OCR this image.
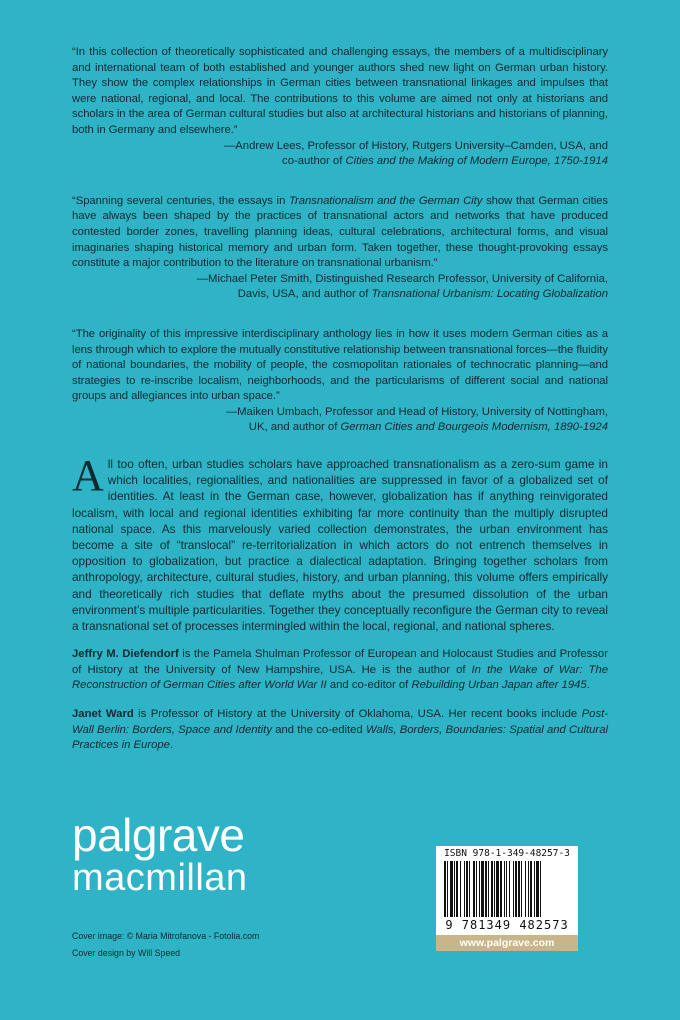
“In this collection of theoretically sophisticated and challenging essays, the members of a multidisciplinary and international team of both established and younger authors shed new light on German urban history. They show the complex relationships in German cities between transnational linkages and impulses that were national, regional, and local. The contributions to this volume are aimed not only at historians and scholars in the area of German cultural studies but also at architectural historians and historians of planning, both in Germany and elsewhere.”

—Andrew Lees, Professor of History, Rutgers University–Camden, USA, and
co-author of Cities and the Making of Modern Europe, 1750-1914

“Spanning several centuries, the essays in Transnationalism and the German City show that German cities have always been shaped by the practices of transnational actors and networks that have produced contested border zones, travelling planning ideas, cultural celebrations, architectural forms, and visual imaginaries shaping historical memory and urban form. Taken together, these thought-provoking essays constitute a major contribution to the literature on transnational urbanism.”

—Michael Peter Smith, Distinguished Research Professor, University of California,
Davis, USA, and author of Transnational Urbanism: Locating Globalization

“The originality of this impressive interdisciplinary anthology lies in how it uses modern German cities as a lens through which to explore the mutually constitutive relationship between transnational forces—the fluidity of national boundaries, the mobility of people, the cosmopolitan rationales of technocratic planning—and strategies to re-inscribe localism, neighborhoods, and the particularisms of different social and national groups and allegiances into urban space.”

—Maiken Umbach, Professor and Head of History, University of Nottingham,
UK, and author of German Cities and Bourgeois Modernism, 1890-1924

All too often, urban studies scholars have approached transnationalism as a zero-sum game in which localities, regionalities, and nationalities are suppressed in favor of a globalized set of identities. At least in the German case, however, globalization has if anything reinvigorated localism, with local and regional identities exhibiting far more continuity than the multiply disrupted national space. As this marvelously varied collection demonstrates, the urban environment has become a site of “translocal” re-territorialization in which actors do not entrench themselves in opposition to globalization, but practice a dialectical adaptation. Bringing together scholars from anthropology, architecture, cultural studies, history, and urban planning, this volume offers empirically and theoretically rich studies that deflate myths about the presumed dissolution of the urban environment’s multiple particularities. Together they conceptually reconfigure the German city to reveal a transnational set of processes intermingled within the local, regional, and national spheres.

Jeffry M. Diefendorf is the Pamela Shulman Professor of European and Holocaust Studies and Professor of History at the University of New Hampshire, USA. He is the author of In the Wake of War: The Reconstruction of German Cities after World War II and co-editor of Rebuilding Urban Japan after 1945.

Janet Ward is Professor of History at the University of Oklahoma, USA. Her recent books include Post-Wall Berlin: Borders, Space and Identity and the co-edited Walls, Borders, Boundaries: Spatial and Cultural Practices in Europe.

palgrave
macmillan
Cover image: © Maria Mitrofanova - Fotolia.com
Cover design by Will Speed
ISBN 978-1-349-48257-3
9 781349 482573
www.palgrave.com
